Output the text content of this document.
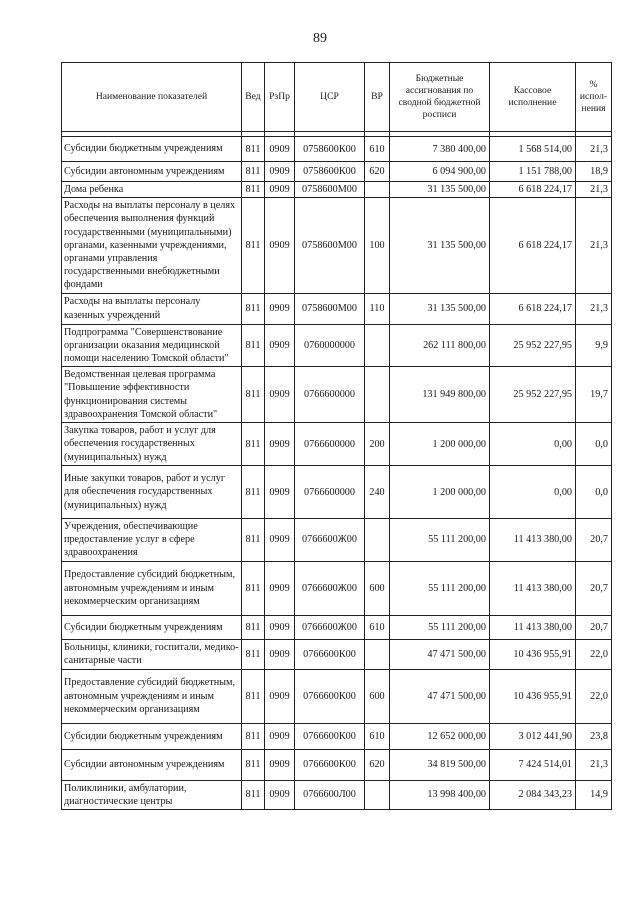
89
Наименование показателей	Вед	РзПр	ЦСР	ВР	Бюджетные ассигнования по сводной бюджетной росписи	Кассовое исполнение	% испол-нения

Субсидии бюджетным учреждениям	811	0909	0758600К00	610	7 380 400,00	1 568 514,00	21,3
Субсидии автономным учреждениям	811	0909	0758600К00	620	6 094 900,00	1 151 788,00	18,9
Дома ребенка	811	0909	0758600М00		31 135 500,00	6 618 224,17	21,3
Расходы на выплаты персоналу в целях обеспечения выполнения функций государственными (муниципальными) органами, казенными учреждениями, органами управления государственными внебюджетными фондами	811	0909	0758600М00	100	31 135 500,00	6 618 224,17	21,3
Расходы на выплаты персоналу казенных учреждений	811	0909	0758600М00	110	31 135 500,00	6 618 224,17	21,3
Подпрограмма "Совершенствование организации оказания медицинской помощи населению Томской области"	811	0909	0760000000		262 111 800,00	25 952 227,95	9,9
Ведомственная целевая программа "Повышение эффективности функционирования системы здравоохранения Томской области"	811	0909	0766600000		131 949 800,00	25 952 227,95	19,7
Закупка товаров, работ и услуг для обеспечения государственных (муниципальных) нужд	811	0909	0766600000	200	1 200 000,00	0,00	0,0
Иные закупки товаров, работ и услуг для обеспечения государственных (муниципальных) нужд	811	0909	0766600000	240	1 200 000,00	0,00	0,0
Учреждения, обеспечивающие предоставление услуг в сфере здравоохранения	811	0909	0766600Ж00		55 111 200,00	11 413 380,00	20,7
Предоставление субсидий бюджетным, автономным учреждениям и иным некоммерческим организациям	811	0909	0766600Ж00	600	55 111 200,00	11 413 380,00	20,7
Субсидии бюджетным учреждениям	811	0909	0766600Ж00	610	55 111 200,00	11 413 380,00	20,7
Больницы, клиники, госпитали, медико-санитарные части	811	0909	0766600К00		47 471 500,00	10 436 955,91	22,0
Предоставление субсидий бюджетным, автономным учреждениям и иным некоммерческим организациям	811	0909	0766600К00	600	47 471 500,00	10 436 955,91	22,0
Субсидии бюджетным учреждениям	811	0909	0766600К00	610	12 652 000,00	3 012 441,90	23,8
Субсидии автономным учреждениям	811	0909	0766600К00	620	34 819 500,00	7 424 514,01	21,3
Поликлиники, амбулатории, диагностические центры	811	0909	0766600Л00		13 998 400,00	2 084 343,23	14,9
